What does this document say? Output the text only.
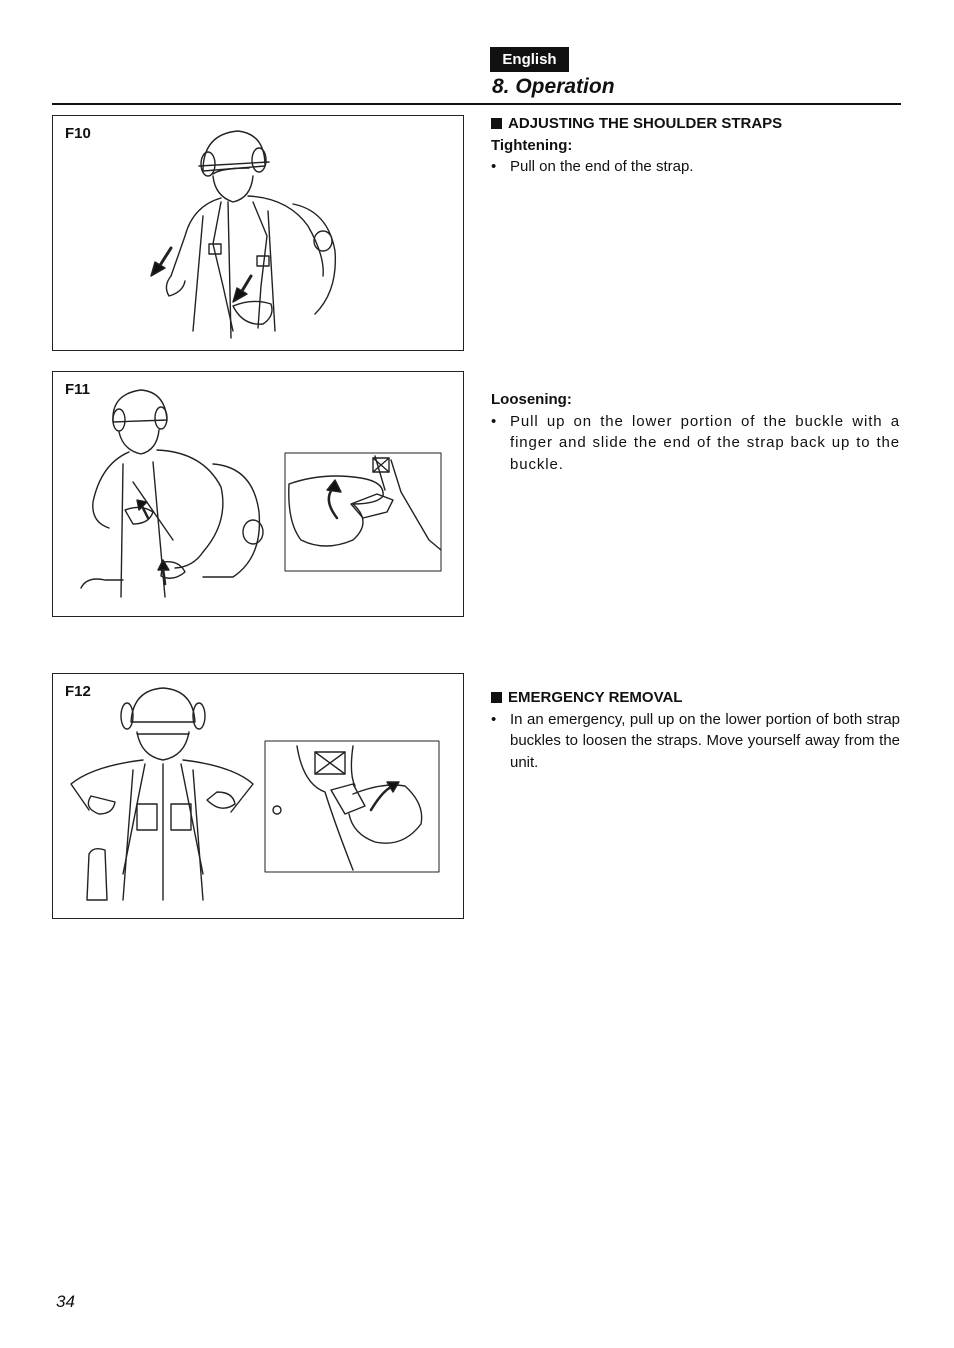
English
8. Operation
F10
F11
F12
ADJUSTING THE SHOULDER STRAPS
Tightening:
• Pull on the end of the strap.
Loosening:
• Pull up on the lower portion of the buckle with a finger and slide the end of the strap back up to the buckle.
EMERGENCY REMOVAL
• In an emergency, pull up on the lower portion of both strap buckles to loosen the straps. Move yourself away from the unit.
34
